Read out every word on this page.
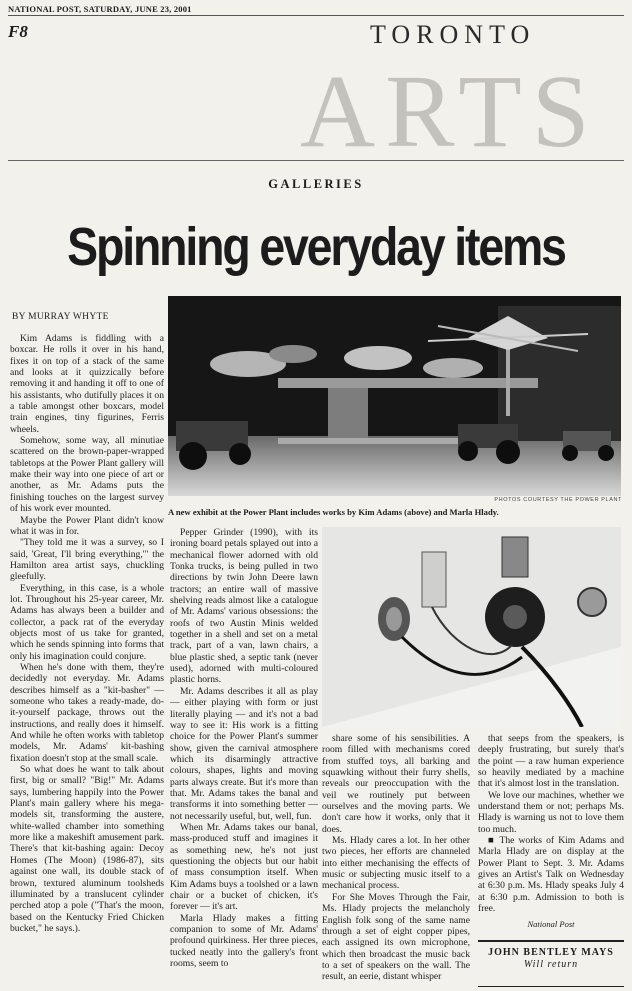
NATIONAL POST, SATURDAY, JUNE 23, 2001
F8	TORONTO
ARTS
GALLERIES
Spinning everyday items
BY MURRAY WHYTE

Kim Adams is fiddling with a boxcar. He rolls it over in his hand, fixes it on top of a stack of the same and looks at it quizzically before removing it and handing it off to one of his assistants, who dutifully places it on a table amongst other boxcars, model train engines, tiny figurines, Ferris wheels.

Somehow, some way, all minutiae scattered on the brown-paper-wrapped tabletops at the Power Plant gallery will make their way into one piece of art or another, as Mr. Adams puts the finishing touches on the largest survey of his work ever mounted.

Maybe the Power Plant didn't know what it was in for.

"They told me it was a survey, so I said, 'Great, I'll bring everything,'" the Hamilton area artist says, chuckling gleefully.

Everything, in this case, is a whole lot. Throughout his 25-year career, Mr. Adams has always been a builder and collector, a pack rat of the everyday objects most of us take for granted, which he sends spinning into forms that only his imagination could conjure.

When he's done with them, they're decidedly not everyday. Mr. Adams describes himself as a "kit-basher" — someone who takes a ready-made, do-it-yourself package, throws out the instructions, and really does it himself. And while he often works with tabletop models, Mr. Adams' kit-bashing fixation doesn't stop at the small scale.

So what does he want to talk about first, big or small? "Big!" Mr. Adams says, lumbering happily into the Power Plant's main gallery where his mega-models sit, transforming the austere, white-walled chamber into something more like a makeshift amusement park. There's that kit-bashing again: Decoy Homes (The Moon) (1986-87), sits against one wall, its double stack of brown, textured aluminum toolsheds illuminated by a translucent cylinder perched atop a pole ("That's the moon, based on the Kentucky Fried Chicken bucket," he says.).

PHOTOS COURTESY THE POWER PLANT
A new exhibit at the Power Plant includes works by Kim Adams (above) and Marla Hlady.

Pepper Grinder (1990), with its ironing board petals splayed out into a mechanical flower adorned with old Tonka trucks, is being pulled in two directions by twin John Deere lawn tractors; an entire wall of massive shelving reads almost like a catalogue of Mr. Adams' various obsessions: the roofs of two Austin Minis welded together in a shell and set on a metal track, part of a van, lawn chairs, a blue plastic shed, a septic tank (never used), adorned with multi-coloured plastic horns.

Mr. Adams describes it all as play — either playing with form or just literally playing — and it's not a bad way to see it: His work is a fitting choice for the Power Plant's summer show, given the carnival atmosphere which its disarmingly attractive colours, shapes, lights and moving parts always create. But it's more than that. Mr. Adams takes the banal and transforms it into something better — not necessarily useful, but, well, fun.

When Mr. Adams takes our banal, mass-produced stuff and imagines it as something new, he's not just questioning the objects but our habit of mass consumption itself. When Kim Adams buys a toolshed or a lawn chair or a bucket of chicken, it's forever — it's art.

Marla Hlady makes a fitting companion to some of Mr. Adams' profound quirkiness. Her three pieces, tucked neatly into the gallery's front rooms, seem to

share some of his sensibilities. A room filled with mechanisms cored from stuffed toys, all barking and squawking without their furry shells, reveals our preoccupation with the veil we routinely put between ourselves and the moving parts. We don't care how it works, only that it does.

Ms. Hlady cares a lot. In her other two pieces, her efforts are channeled into either mechanising the effects of music or subjecting music itself to a mechanical process.

For She Moves Through the Fair, Ms. Hlady projects the melancholy English folk song of the same name through a set of eight copper pipes, each assigned its own microphone, which then broadcast the music back to a set of speakers on the wall. The result, an eerie, distant whisper

that seeps from the speakers, is deeply frustrating, but surely that's the point — a raw human experience so heavily mediated by a machine that it's almost lost in the translation.

We love our machines, whether we understand them or not; perhaps Ms. Hlady is warning us not to love them too much.

■ The works of Kim Adams and Marla Hlady are on display at the Power Plant to Sept. 3. Mr. Adams gives an Artist's Talk on Wednesday at 6:30 p.m. Ms. Hlady speaks July 4 at 6:30 p.m. Admission to both is free.

National Post
JOHN BENTLEY MAYS
Will return
